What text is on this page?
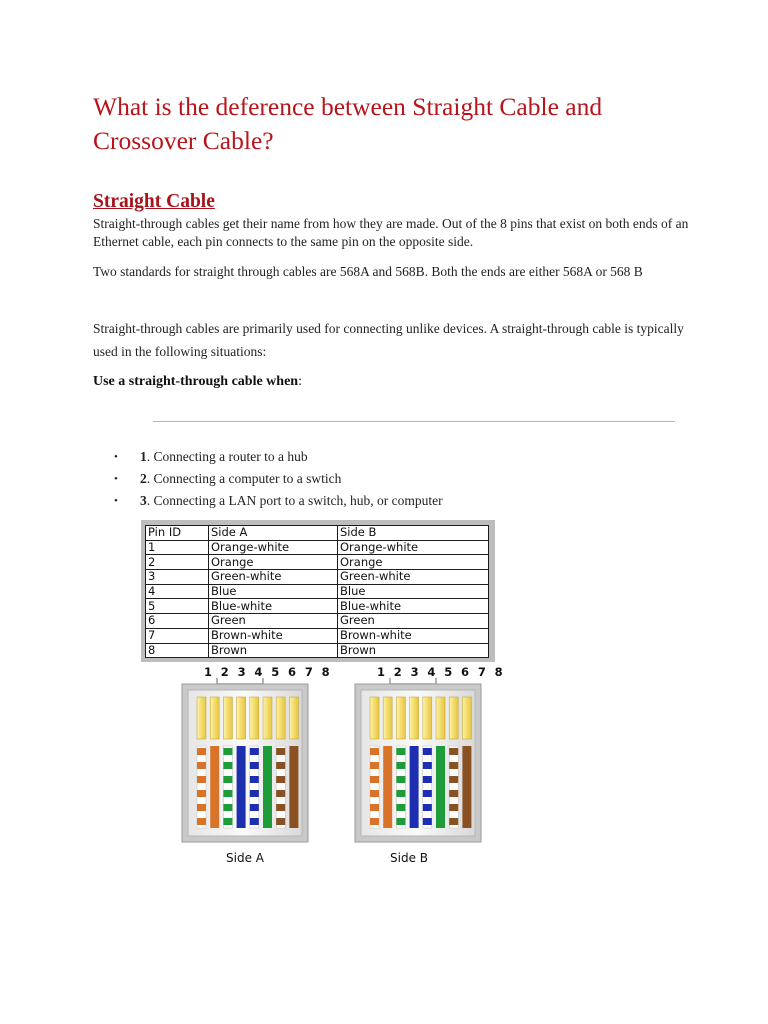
What is the deference between Straight Cable and Crossover Cable?
Straight Cable

Straight-through cables get their name from how they are made. Out of the 8 pins that exist on both ends of an Ethernet cable, each pin connects to the same pin on the opposite side.

Two standards for straight through cables are 568A and 568B. Both the ends are either 568A or 568 B

Straight-through cables are primarily used for connecting unlike devices. A straight-through cable is typically used in the following situations:

Use a straight-through cable when:

• 1. Connecting a router to a hub
• 2. Connecting a computer to a swtich
• 3. Connecting a LAN port to a switch, hub, or computer
Pin ID	Side A	Side B
1	Orange-white	Orange-white
2	Orange	Orange
3	Green-white	Green-white
4	Blue	Blue
5	Blue-white	Blue-white
6	Green	Green
7	Brown-white	Brown-white
8	Brown	Brown
1 2 3 4 5 6 7 8
Side A
1 2 3 4 5 6 7 8
Side B
